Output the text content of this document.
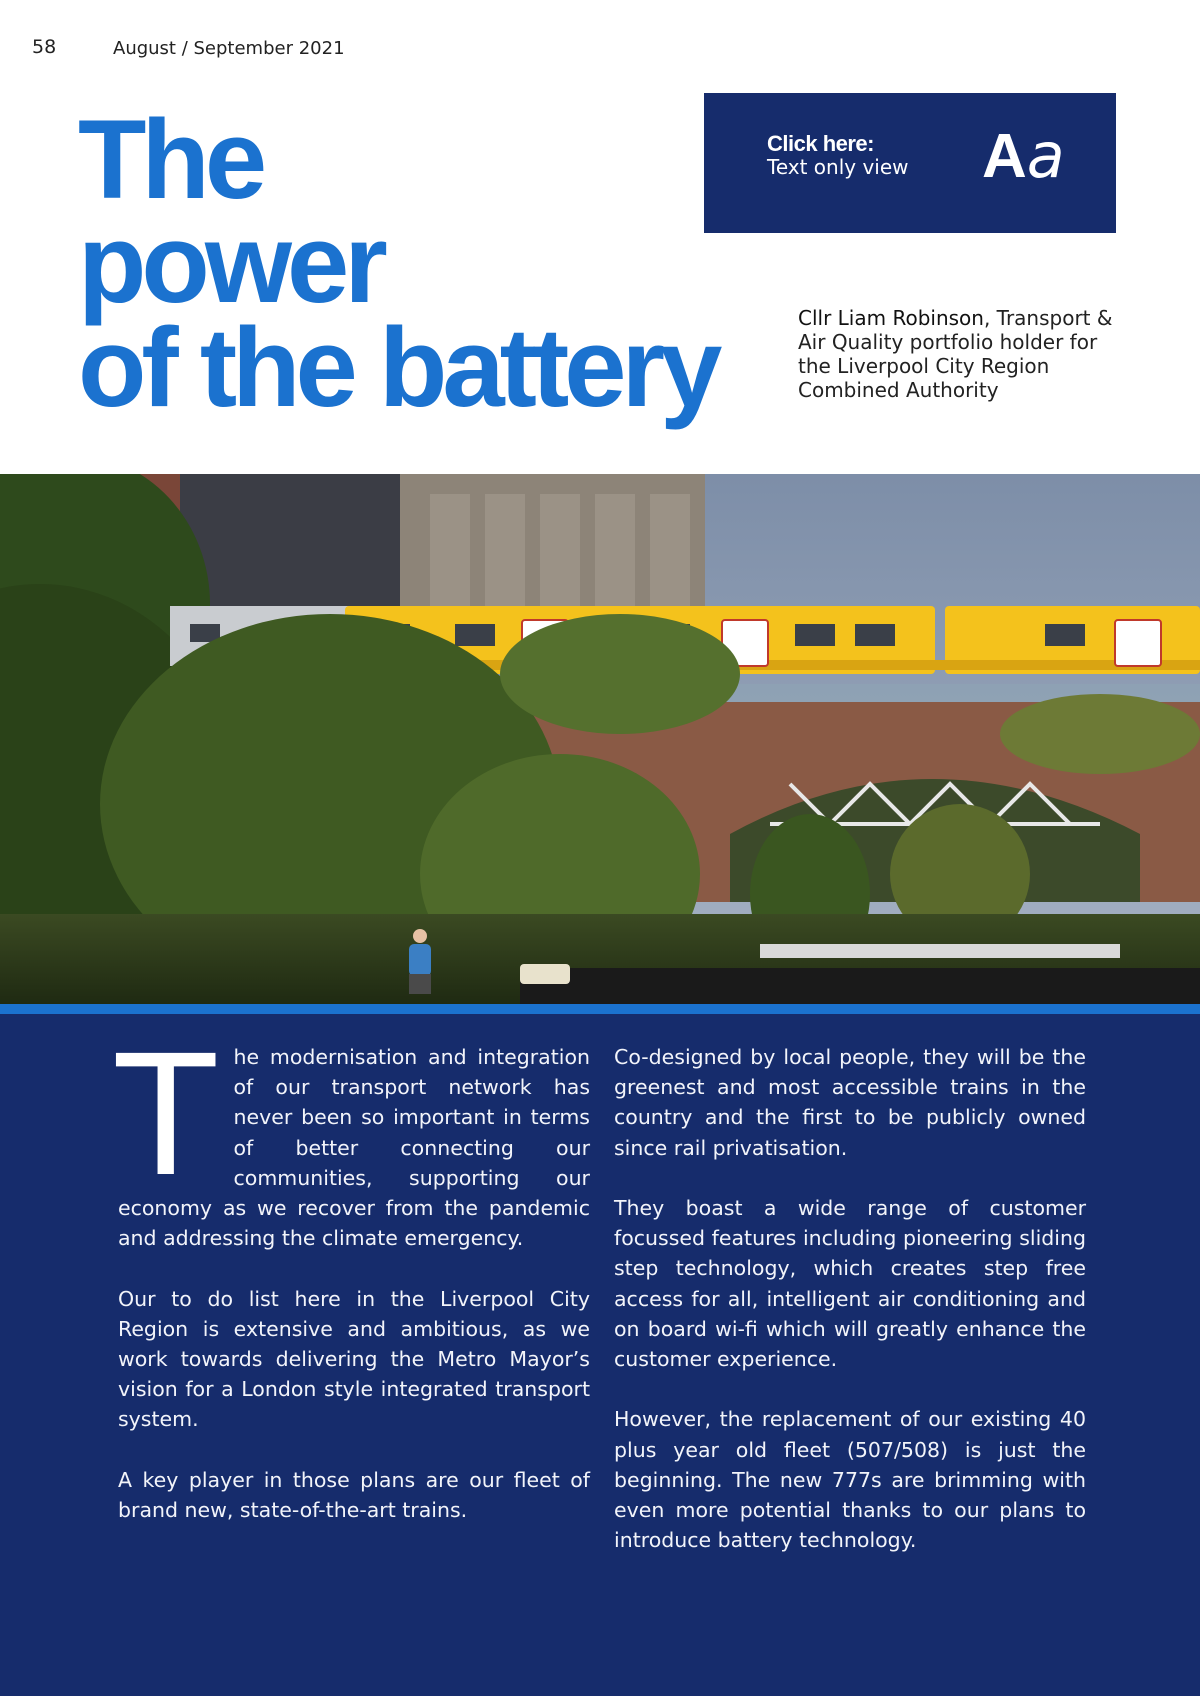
58	August / September 2021
The
power
of the battery
Click here:
Text only view Aa
Cllr Liam Robinson, Transport & Air Quality portfolio holder for the Liverpool City Region Combined Authority

The modernisation and integration of our transport network has never been so important in terms of better connecting our communities, supporting our economy as we recover from the pandemic and addressing the climate emergency.

Our to do list here in the Liverpool City Region is extensive and ambitious, as we work towards delivering the Metro Mayor’s vision for a London style integrated transport system.

A key player in those plans are our fleet of brand new, state-of-the-art trains.

Co-designed by local people, they will be the greenest and most accessible trains in the country and the first to be publicly owned since rail privatisation.

They boast a wide range of customer focussed features including pioneering sliding step technology, which creates step free access for all, intelligent air conditioning and on board wi-fi which will greatly enhance the customer experience.

However, the replacement of our existing 40 plus year old fleet (507/508) is just the beginning. The new 777s are brimming with even more potential thanks to our plans to introduce battery technology.
